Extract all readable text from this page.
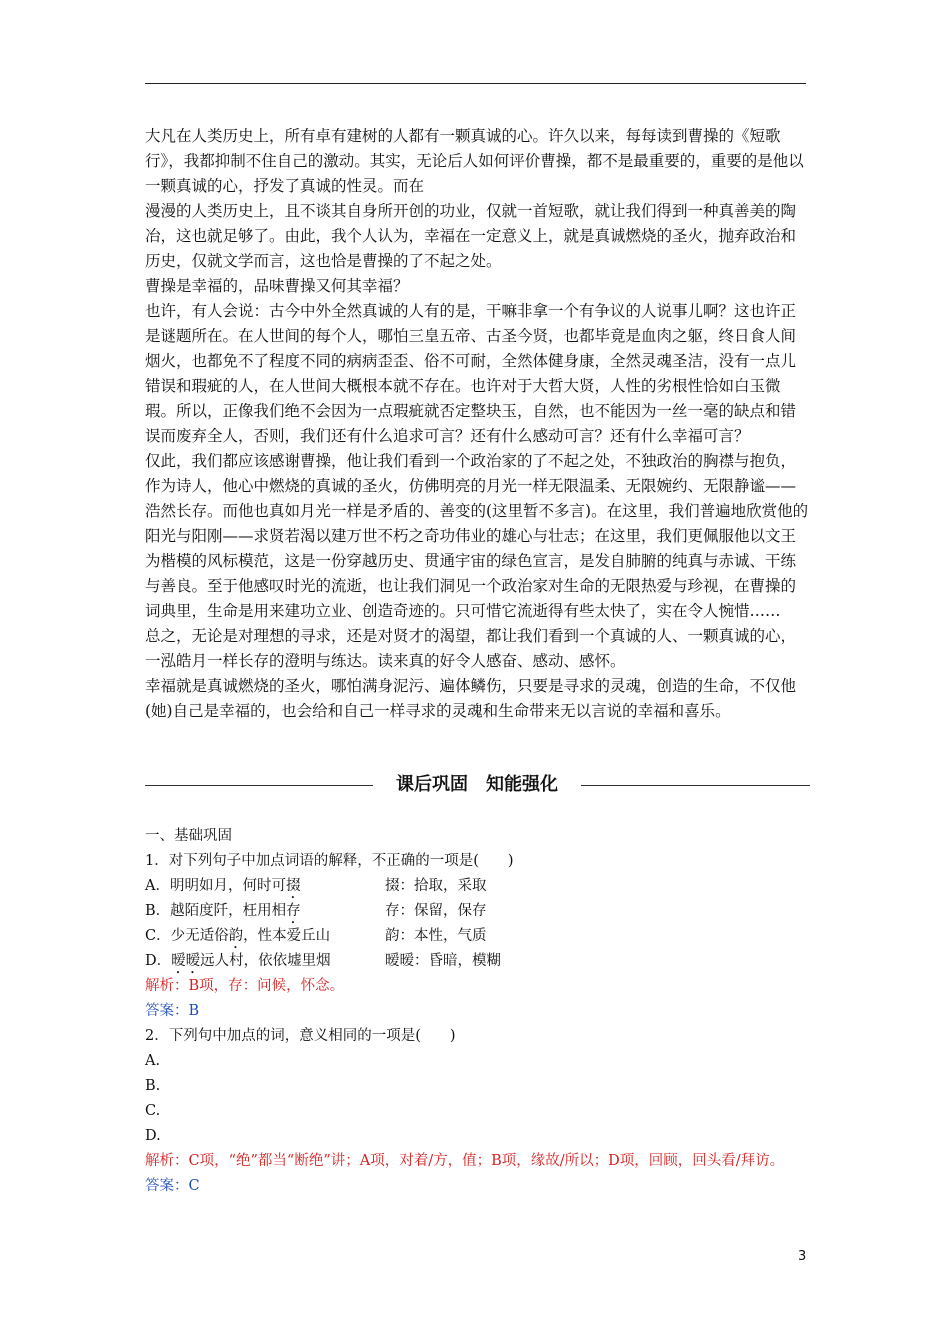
大凡在人类历史上，所有卓有建树的人都有一颗真诚的心。许久以来，每每读到曹操的《短歌行》，我都抑制不住自己的激动。其实，无论后人如何评价曹操，都不是最重要的，重要的是他以一颗真诚的心，抒发了真诚的性灵。而在

漫漫的人类历史上，且不谈其自身所开创的功业，仅就一首短歌，就让我们得到一种真善美的陶冶，这也就足够了。由此，我个人认为，幸福在一定意义上，就是真诚燃烧的圣火，抛弃政治和历史，仅就文学而言，这也恰是曹操的了不起之处。

曹操是幸福的，品味曹操又何其幸福？

也许，有人会说：古今中外全然真诚的人有的是，干嘛非拿一个有争议的人说事儿啊？这也许正是谜题所在。在人世间的每个人，哪怕三皇五帝、古圣今贤，也都毕竟是血肉之躯，终日食人间烟火，也都免不了程度不同的病病歪歪、俗不可耐，全然体健身康，全然灵魂圣洁，没有一点儿错误和瑕疵的人，在人世间大概根本就不存在。也许对于大哲大贤，人性的劣根性恰如白玉微瑕。所以，正像我们绝不会因为一点瑕疵就否定整块玉，自然，也不能因为一丝一毫的缺点和错误而废弃全人，否则，我们还有什么追求可言？还有什么感动可言？还有什么幸福可言？

仅此，我们都应该感谢曹操，他让我们看到一个政治家的了不起之处，不独政治的胸襟与抱负，作为诗人，他心中燃烧的真诚的圣火，仿佛明亮的月光一样无限温柔、无限婉约、无限静谧——浩然长存。而他也真如月光一样是矛盾的、善变的(这里暂不多言)。在这里，我们普遍地欣赏他的阳光与阳刚——求贤若渴以建万世不朽之奇功伟业的雄心与壮志；在这里，我们更佩服他以文王为楷模的风标模范，这是一份穿越历史、贯通宇宙的绿色宣言，是发自肺腑的纯真与赤诚、干练与善良。至于他感叹时光的流逝，也让我们洞见一个政治家对生命的无限热爱与珍视，在曹操的词典里，生命是用来建功立业、创造奇迹的。只可惜它流逝得有些太快了，实在令人惋惜……

总之，无论是对理想的寻求，还是对贤才的渴望，都让我们看到一个真诚的人、一颗真诚的心，一泓皓月一样长存的澄明与练达。读来真的好令人感奋、感动、感怀。

幸福就是真诚燃烧的圣火，哪怕满身泥污、遍体鳞伤，只要是寻求的灵魂，创造的生命，不仅他(她)自己是幸福的，也会给和自己一样寻求的灵魂和生命带来无以言说的幸福和喜乐。

课后巩固　知能强化
一、基础巩固
1．对下列句子中加点词语的解释，不正确的一项是(　　)
A．明明如月，何时可掇	掇：拾取，采取
B．越陌度阡，枉用相存	存：保留，保存
C．少无适俗韵，性本爱丘山	韵：本性，气质
D．暧暧远人村，依依墟里烟	暧暧：昏暗，模糊
解析：B项，存：问候，怀念。
答案：B
2．下列句中加点的词，意义相同的一项是(　　)
A.
B.
C.
D.
解析：C项，“绝”都当“断绝”讲；A项，对着/方，值；B项，缘故/所以；D项，回顾，回头看/拜访。
答案：C
3
